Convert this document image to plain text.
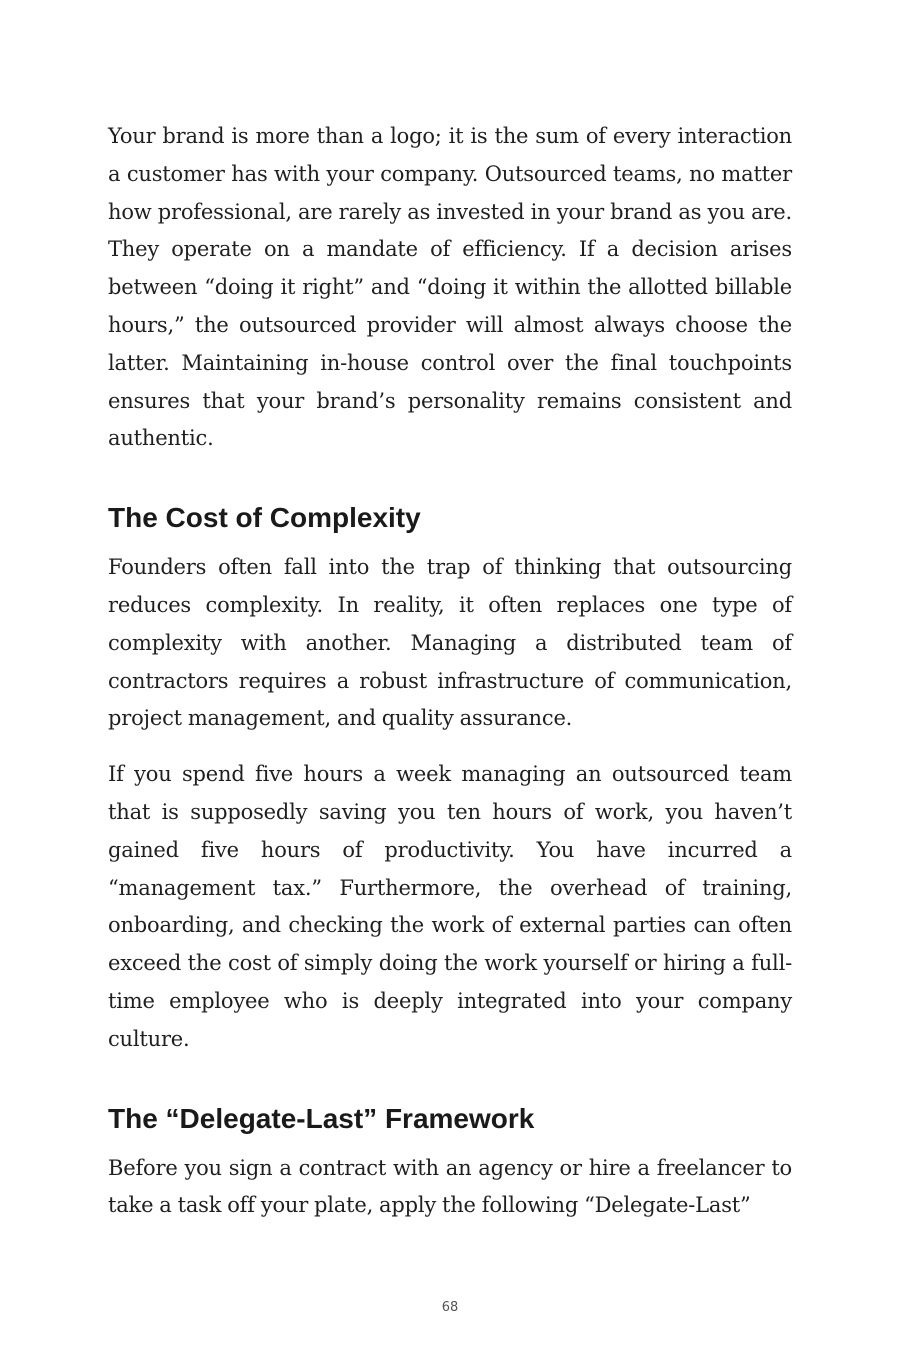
Your brand is more than a logo; it is the sum of every interaction a customer has with your company. Outsourced teams, no matter how professional, are rarely as invested in your brand as you are. They operate on a mandate of efficiency. If a decision arises between “doing it right” and “doing it within the allotted billable hours,” the outsourced provider will almost always choose the latter. Maintaining in-house control over the final touchpoints ensures that your brand’s personality remains consistent and authentic.

The Cost of Complexity

Founders often fall into the trap of thinking that outsourcing reduces complexity. In reality, it often replaces one type of complexity with another. Managing a distributed team of contractors requires a robust infrastructure of communication, project management, and quality assurance.

If you spend five hours a week managing an outsourced team that is supposedly saving you ten hours of work, you haven’t gained five hours of productivity. You have incurred a “management tax.” Furthermore, the overhead of training, onboarding, and checking the work of external parties can often exceed the cost of simply doing the work yourself or hiring a full-time employee who is deeply integrated into your company culture.

The “Delegate-Last” Framework

Before you sign a contract with an agency or hire a freelancer to take a task off your plate, apply the following “Delegate-Last”

68
